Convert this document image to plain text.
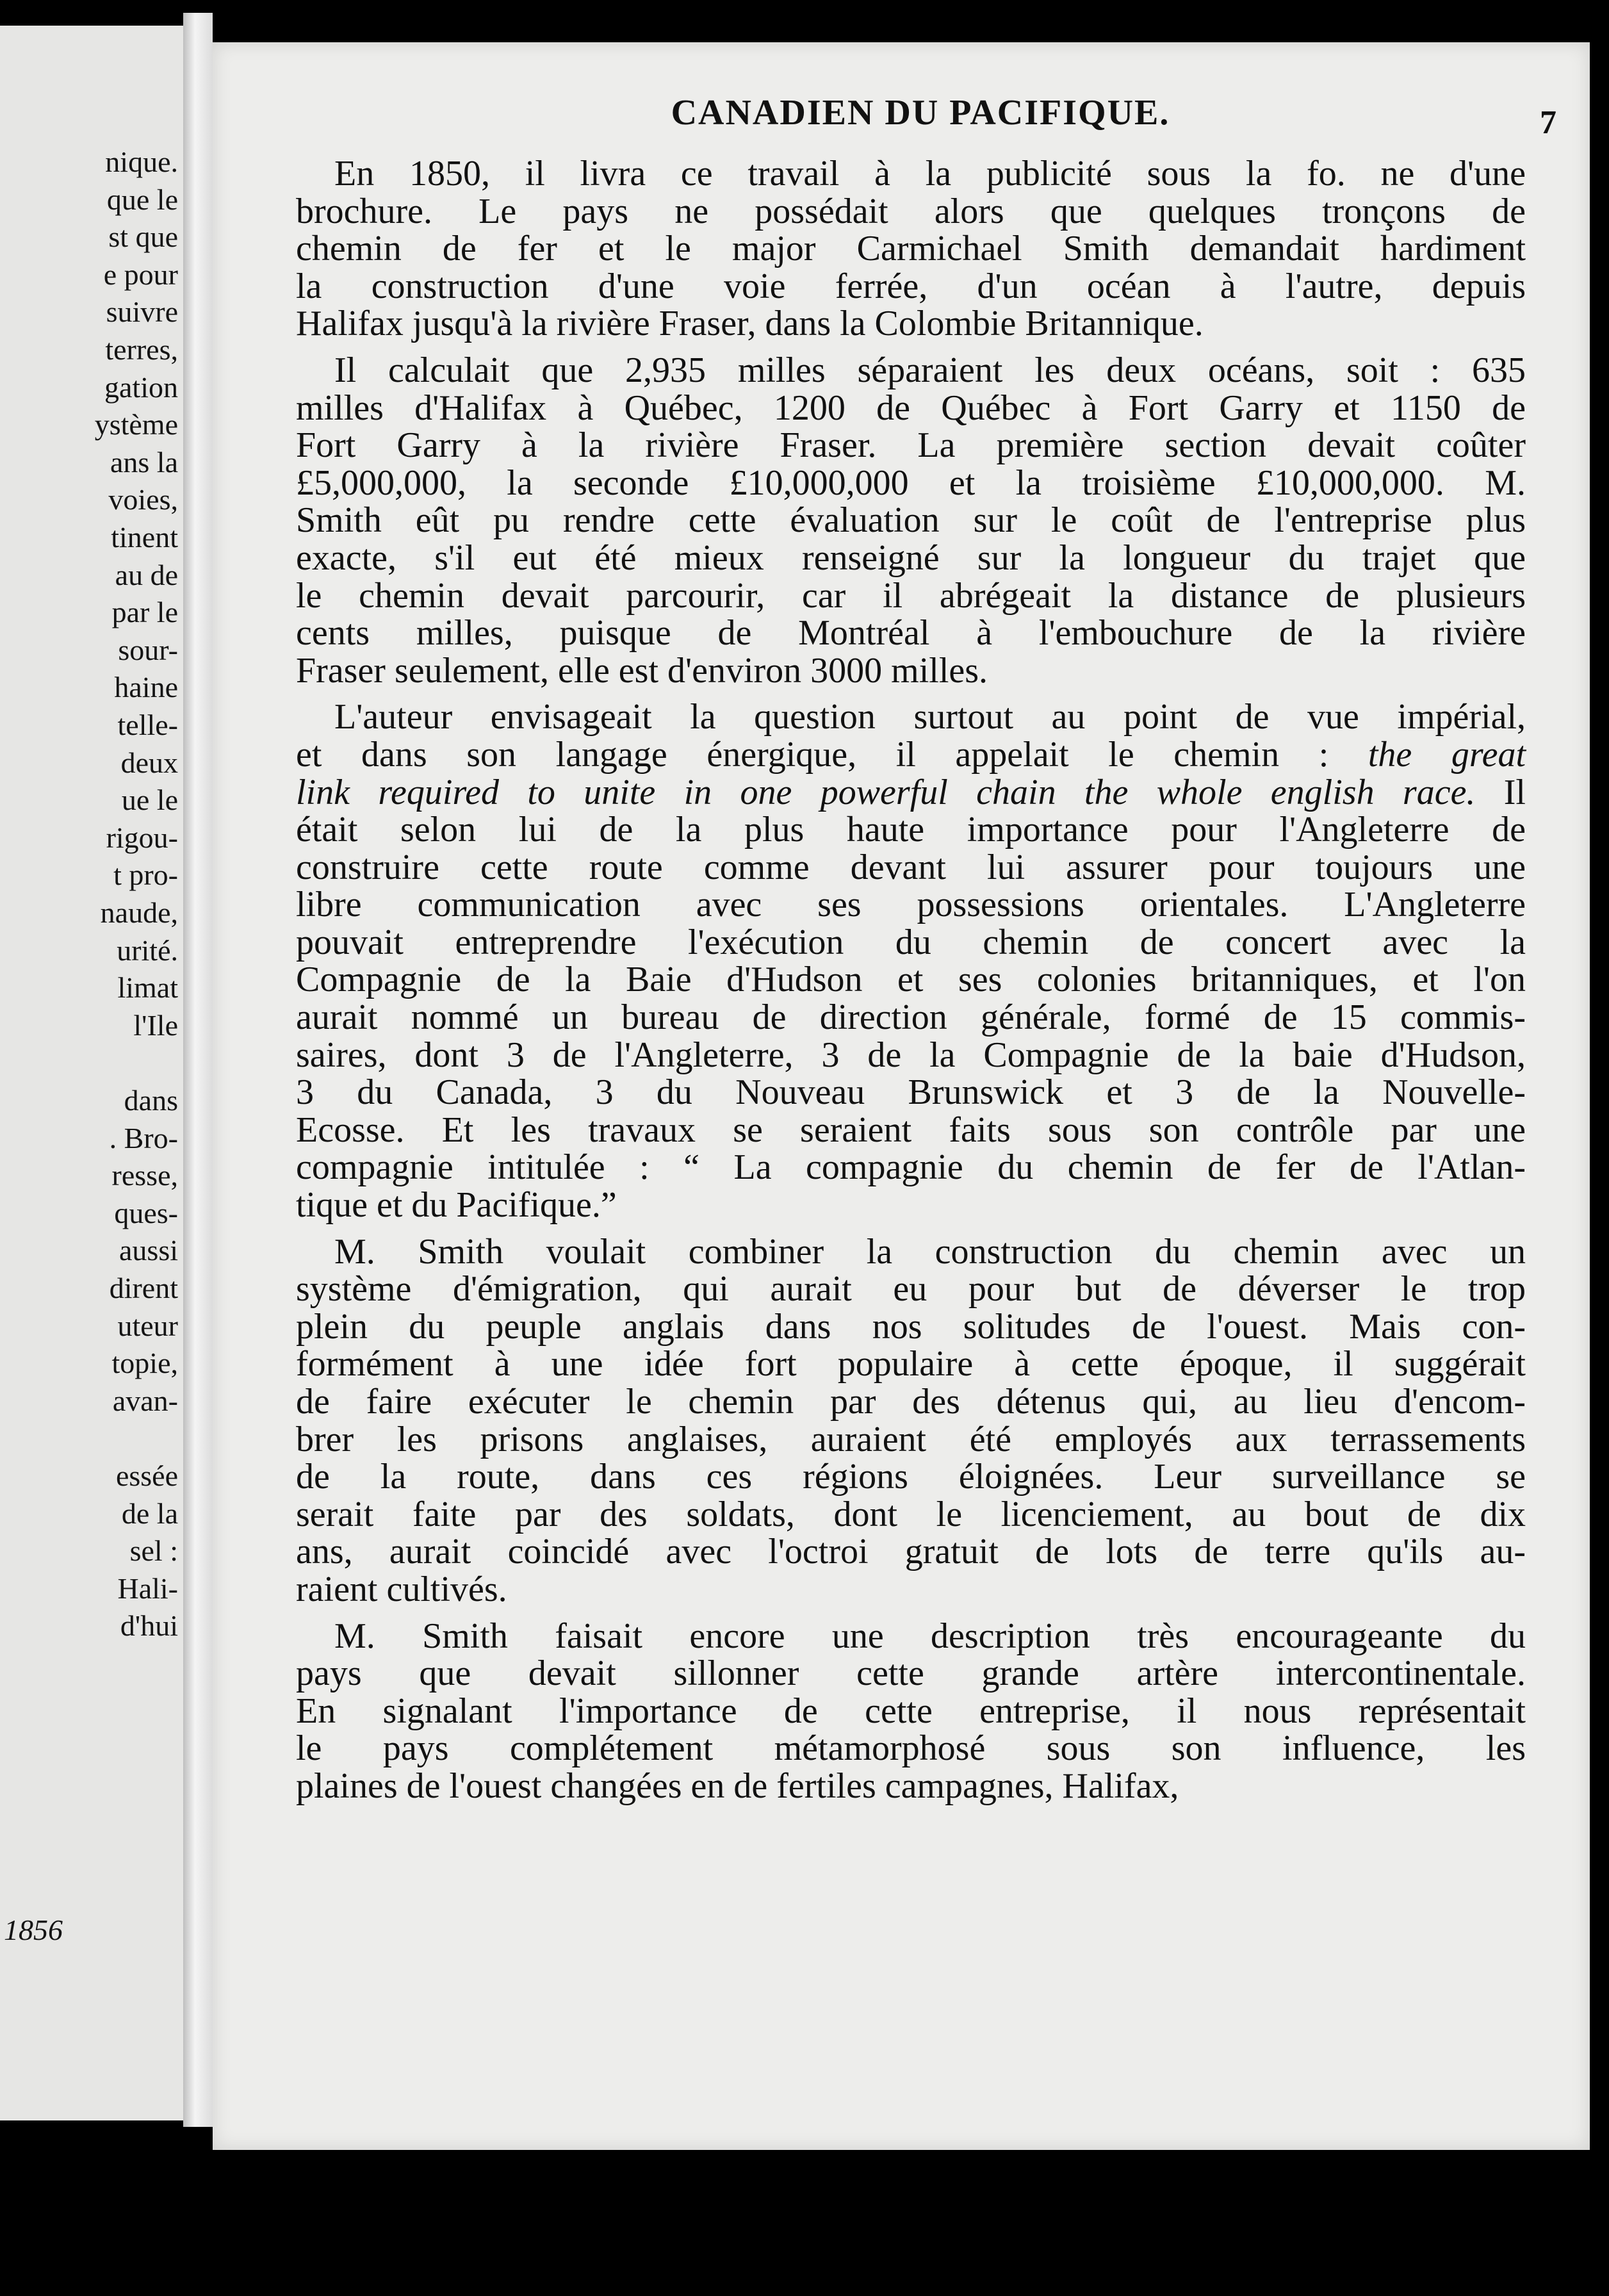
nique.
que le
st que
e pour
suivre
terres,
gation
ystème
ans la
voies,
tinent
au de
par le
sour-
haine
telle-
deux
ue le
rigou-
t pro-
naude,
urité.
limat
l'Ile
dans
. Bro-
resse,
ques-
aussi
dirent
uteur
topie,
avan-
essée
de la
sel :
Hali-
d'hui
1856
CANADIEN DU PACIFIQUE.	7
En 1850, il livra ce travail à la publicité sous la fo. ne d'une
brochure. Le pays ne possédait alors que quelques tronçons de
chemin de fer et le major Carmichael Smith demandait hardiment
la construction d'une voie ferrée, d'un océan à l'autre, depuis
Halifax jusqu'à la rivière Fraser, dans la Colombie Britannique.
Il calculait que 2,935 milles séparaient les deux océans, soit : 635
milles d'Halifax à Québec, 1200 de Québec à Fort Garry et 1150 de
Fort Garry à la rivière Fraser. La première section devait coûter
£5,000,000, la seconde £10,000,000 et la troisième £10,000,000. M.
Smith eût pu rendre cette évaluation sur le coût de l'entreprise plus
exacte, s'il eut été mieux renseigné sur la longueur du trajet que
le chemin devait parcourir, car il abrégeait la distance de plusieurs
cents milles, puisque de Montréal à l'embouchure de la rivière
Fraser seulement, elle est d'environ 3000 milles.
L'auteur envisageait la question surtout au point de vue impérial,
et dans son langage énergique, il appelait le chemin : the great
link required to unite in one powerful chain the whole english race. Il
était selon lui de la plus haute importance pour l'Angleterre de
construire cette route comme devant lui assurer pour toujours une
libre communication avec ses possessions orientales. L'Angleterre
pouvait entreprendre l'exécution du chemin de concert avec la
Compagnie de la Baie d'Hudson et ses colonies britanniques, et l'on
aurait nommé un bureau de direction générale, formé de 15 commis-
saires, dont 3 de l'Angleterre, 3 de la Compagnie de la baie d'Hudson,
3 du Canada, 3 du Nouveau Brunswick et 3 de la Nouvelle-
Ecosse. Et les travaux se seraient faits sous son contrôle par une
compagnie intitulée : “ La compagnie du chemin de fer de l'Atlan-
tique et du Pacifique.”
M. Smith voulait combiner la construction du chemin avec un
système d'émigration, qui aurait eu pour but de déverser le trop
plein du peuple anglais dans nos solitudes de l'ouest. Mais con-
formément à une idée fort populaire à cette époque, il suggérait
de faire exécuter le chemin par des détenus qui, au lieu d'encom-
brer les prisons anglaises, auraient été employés aux terrassements
de la route, dans ces régions éloignées. Leur surveillance se
serait faite par des soldats, dont le licenciement, au bout de dix
ans, aurait coincidé avec l'octroi gratuit de lots de terre qu'ils au-
raient cultivés.
M. Smith faisait encore une description très encourageante du
pays que devait sillonner cette grande artère intercontinentale.
En signalant l'importance de cette entreprise, il nous représentait
le pays complétement métamorphosé sous son influence, les
plaines de l'ouest changées en de fertiles campagnes, Halifax,
